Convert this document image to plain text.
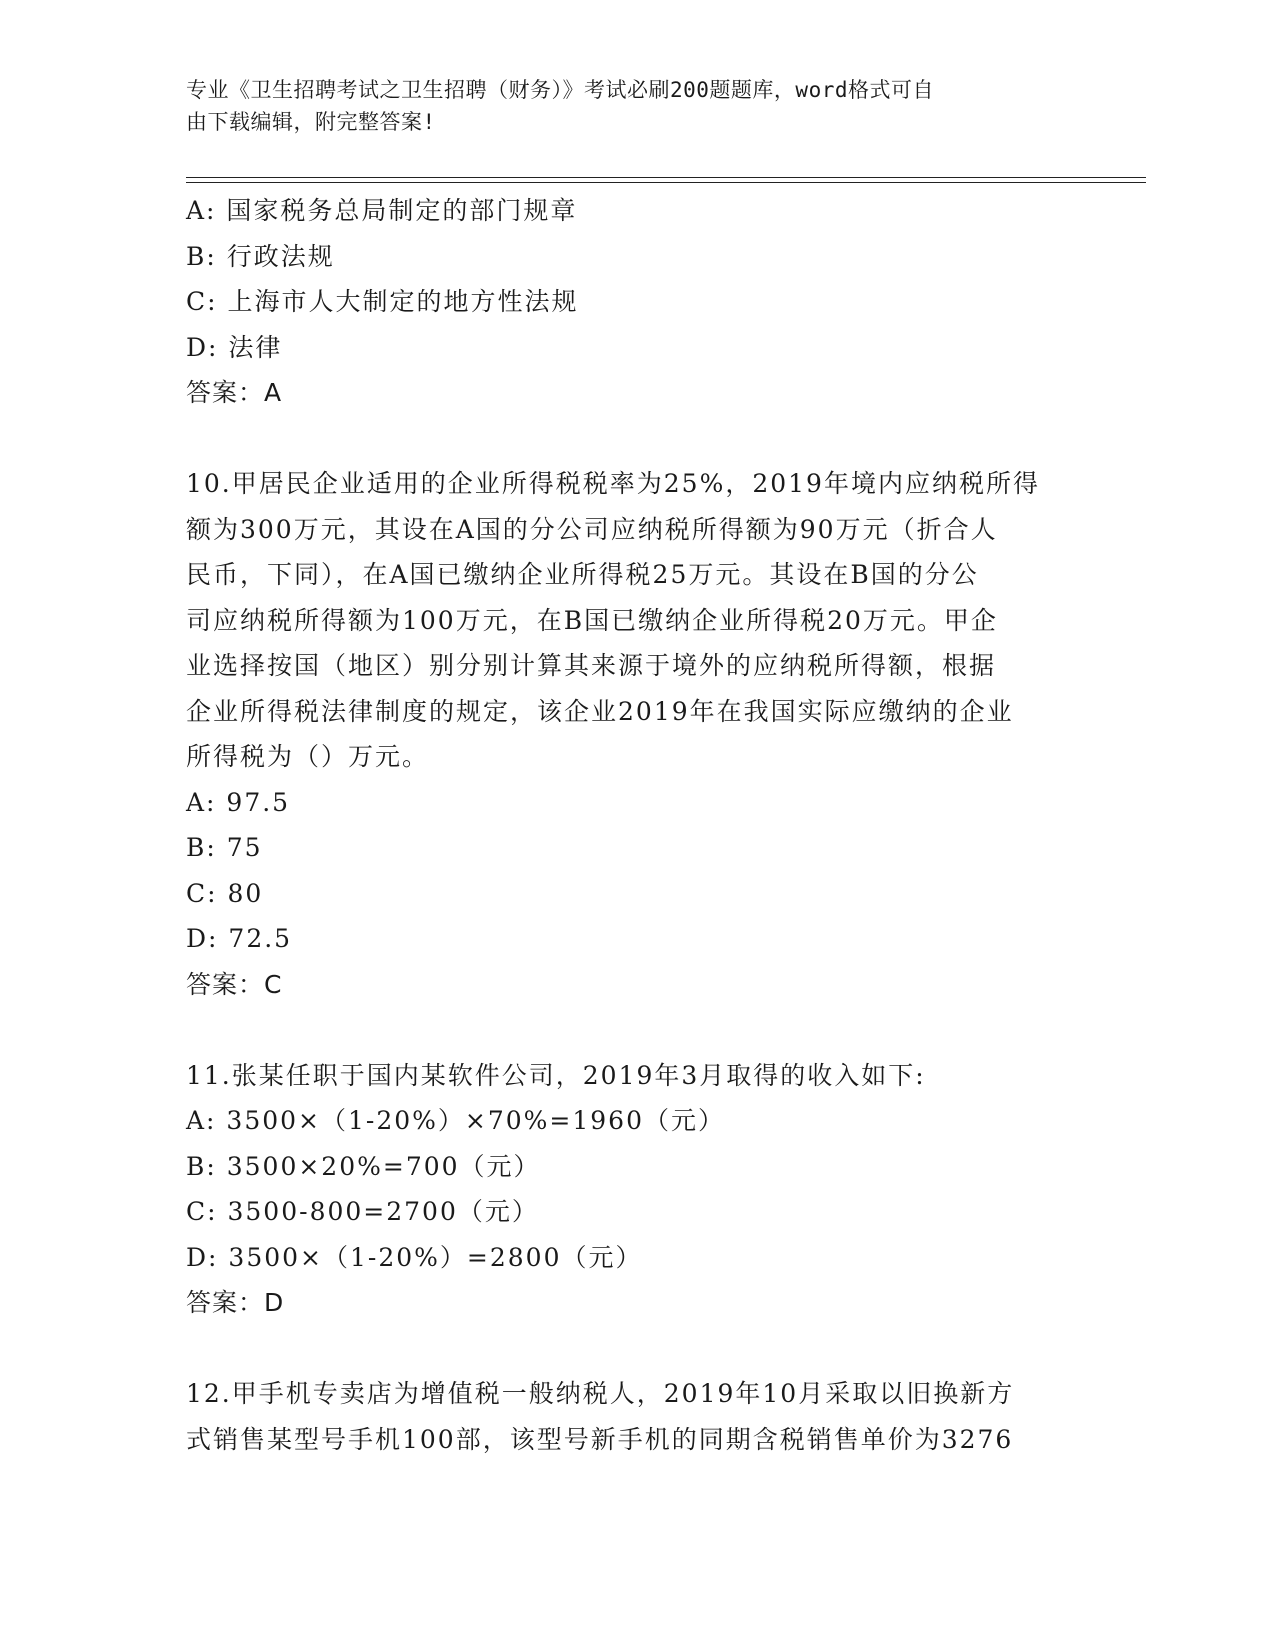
专业《卫生招聘考试之卫生招聘（财务）》考试必刷200题题库，word格式可自
由下载编辑，附完整答案!
A: 国家税务总局制定的部门规章
B: 行政法规
C: 上海市人大制定的地方性法规
D: 法律
答案：A
10.甲居民企业适用的企业所得税税率为25%，2019年境内应纳税所得
额为300万元，其设在A国的分公司应纳税所得额为90万元（折合人
民币，下同），在A国已缴纳企业所得税25万元。其设在B国的分公
司应纳税所得额为100万元，在B国已缴纳企业所得税20万元。甲企
业选择按国（地区）别分别计算其来源于境外的应纳税所得额，根据
企业所得税法律制度的规定，该企业2019年在我国实际应缴纳的企业
所得税为（）万元。
A: 97.5
B: 75
C: 80
D: 72.5
答案：C
11.张某任职于国内某软件公司，2019年3月取得的收入如下:
A: 3500×（1-20%）×70%=1960（元）
B: 3500×20%=700（元）
C: 3500-800=2700（元）
D: 3500×（1-20%）=2800（元）
答案：D
12.甲手机专卖店为增值税一般纳税人，2019年10月采取以旧换新方
式销售某型号手机100部，该型号新手机的同期含税销售单价为3276
